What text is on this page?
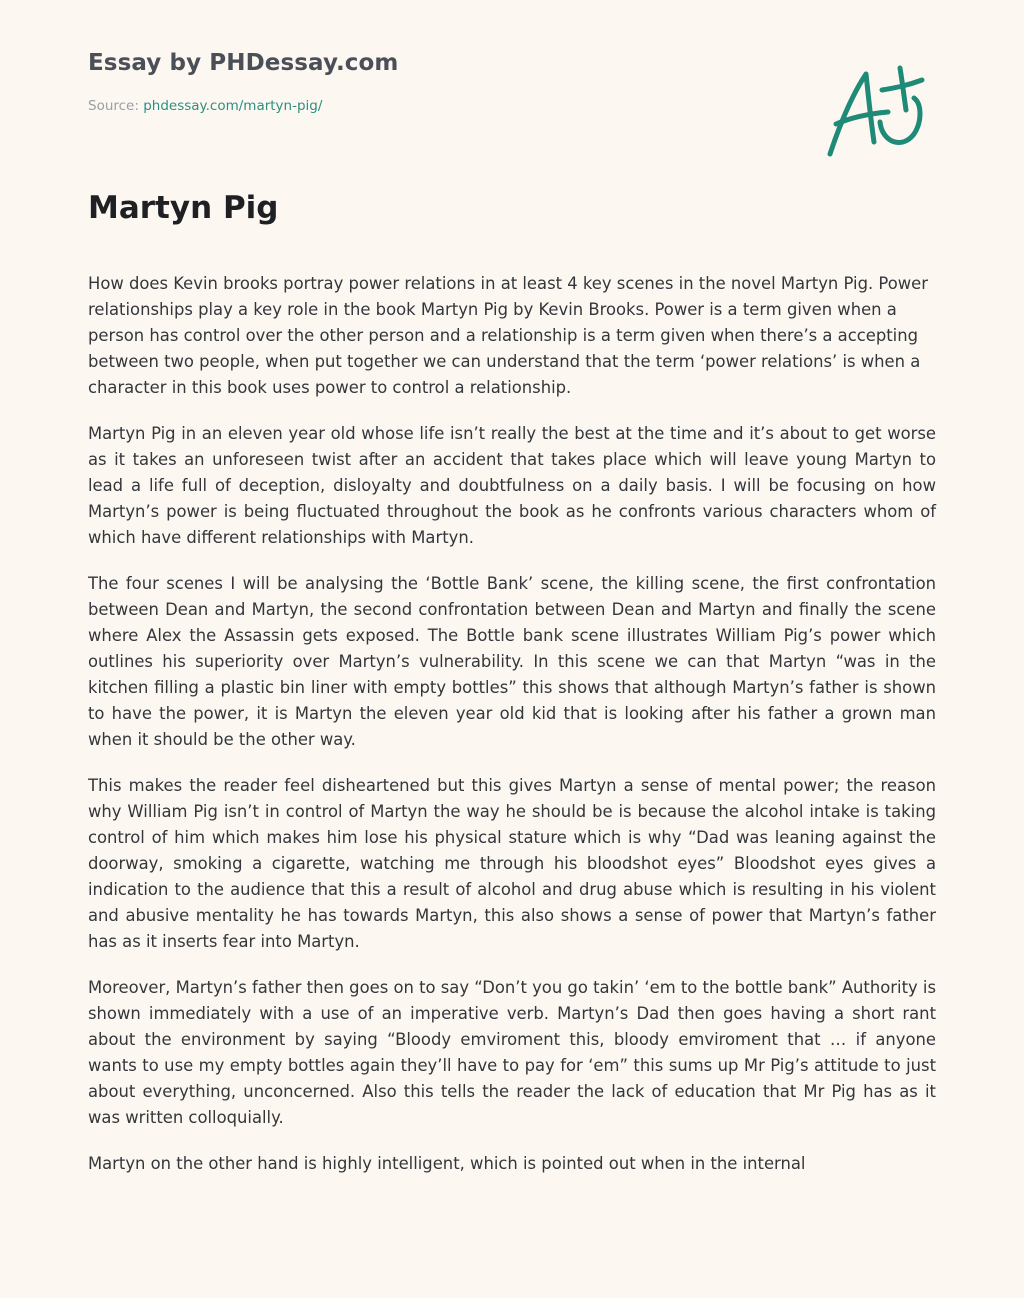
Essay by PHDessay.com
Source: phdessay.com/martyn-pig/
Martyn Pig

How does Kevin brooks portray power relations in at least 4 key scenes in the novel Martyn Pig. Power relationships play a key role in the book Martyn Pig by Kevin Brooks. Power is a term given when a person has control over the other person and a relationship is a term given when there’s a accepting between two people, when put together we can understand that the term ‘power relations’ is when a character in this book uses power to control a relationship.

Martyn Pig in an eleven year old whose life isn’t really the best at the time and it’s about to get worse as it takes an unforeseen twist after an accident that takes place which will leave young Martyn to lead a life full of deception, disloyalty and doubtfulness on a daily basis. I will be focusing on how Martyn’s power is being fluctuated throughout the book as he confronts various characters whom of which have different relationships with Martyn.

The four scenes I will be analysing the ‘Bottle Bank’ scene, the killing scene, the first confrontation between Dean and Martyn, the second confrontation between Dean and Martyn and finally the scene where Alex the Assassin gets exposed. The Bottle bank scene illustrates William Pig’s power which outlines his superiority over Martyn’s vulnerability. In this scene we can that Martyn “was in the kitchen filling a plastic bin liner with empty bottles” this shows that although Martyn’s father is shown to have the power, it is Martyn the eleven year old kid that is looking after his father a grown man when it should be the other way.

This makes the reader feel disheartened but this gives Martyn a sense of mental power; the reason why William Pig isn’t in control of Martyn the way he should be is because the alcohol intake is taking control of him which makes him lose his physical stature which is why “Dad was leaning against the doorway, smoking a cigarette, watching me through his bloodshot eyes” Bloodshot eyes gives a indication to the audience that this a result of alcohol and drug abuse which is resulting in his violent and abusive mentality he has towards Martyn, this also shows a sense of power that Martyn’s father has as it inserts fear into Martyn.

Moreover, Martyn’s father then goes on to say “Don’t you go takin’ ‘em to the bottle bank” Authority is shown immediately with a use of an imperative verb. Martyn’s Dad then goes having a short rant about the environment by saying “Bloody emviroment this, bloody emviroment that … if anyone wants to use my empty bottles again they’ll have to pay for ‘em” this sums up Mr Pig’s attitude to just about everything, unconcerned. Also this tells the reader the lack of education that Mr Pig has as it was written colloquially.

Martyn on the other hand is highly intelligent, which is pointed out when in the internal
